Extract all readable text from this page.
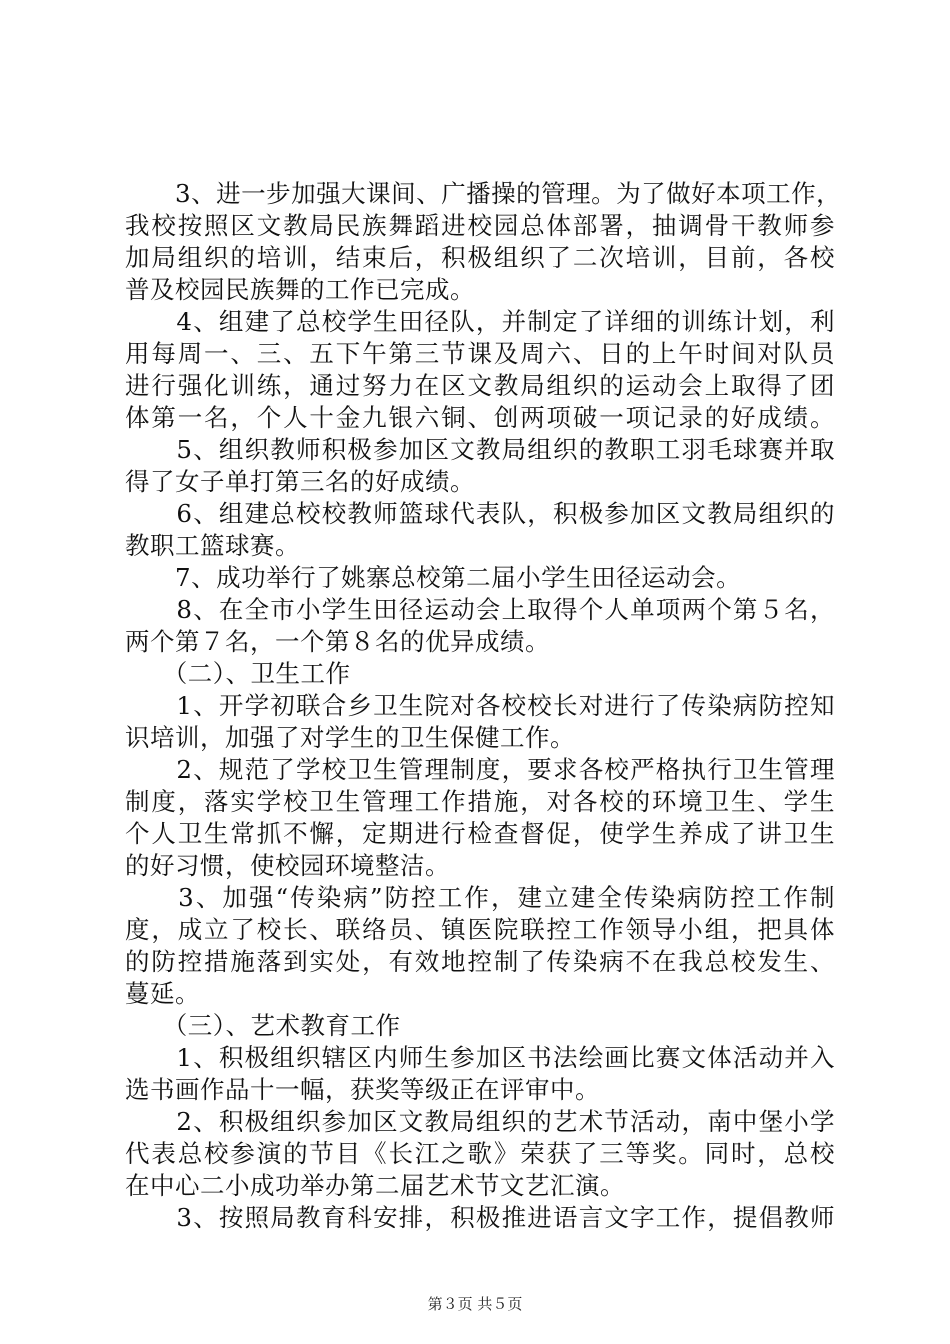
　　3、进一步加强大课间、广播操的管理。为了做好本项工作，
我校按照区文教局民族舞蹈进校园总体部署，抽调骨干教师参
加局组织的培训，结束后，积极组织了二次培训，目前，各校
普及校园民族舞的工作已完成。
　　4、组建了总校学生田径队，并制定了详细的训练计划，利
用每周一、三、五下午第三节课及周六、日的上午时间对队员
进行强化训练，通过努力在区文教局组织的运动会上取得了团
体第一名，个人十金九银六铜、创两项破一项记录的好成绩。
　　5、组织教师积极参加区文教局组织的教职工羽毛球赛并取
得了女子单打第三名的好成绩。
　　6、组建总校校教师篮球代表队，积极参加区文教局组织的
教职工篮球赛。
　　7、成功举行了姚寨总校第二届小学生田径运动会。
　　8、在全市小学生田径运动会上取得个人单项两个第５名，
两个第７名，一个第８名的优异成绩。
　　（二）、卫生工作
　　1、开学初联合乡卫生院对各校校长对进行了传染病防控知
识培训，加强了对学生的卫生保健工作。
　　2、规范了学校卫生管理制度，要求各校严格执行卫生管理
制度，落实学校卫生管理工作措施，对各校的环境卫生、学生
个人卫生常抓不懈，定期进行检查督促，使学生养成了讲卫生
的好习惯，使校园环境整洁。
　　3、加强“传染病”防控工作，建立建全传染病防控工作制
度，成立了校长、联络员、镇医院联控工作领导小组，把具体
的防控措施落到实处，有效地控制了传染病不在我总校发生、
蔓延。
　　（三）、艺术教育工作
　　1、积极组织辖区内师生参加区书法绘画比赛文体活动并入
选书画作品十一幅，获奖等级正在评审中。
　　2、积极组织参加区文教局组织的艺术节活动，南中堡小学
代表总校参演的节目《长江之歌》荣获了三等奖。同时，总校
在中心二小成功举办第二届艺术节文艺汇演。
　　3、按照局教育科安排，积极推进语言文字工作，提倡教师
第３页 共５页
